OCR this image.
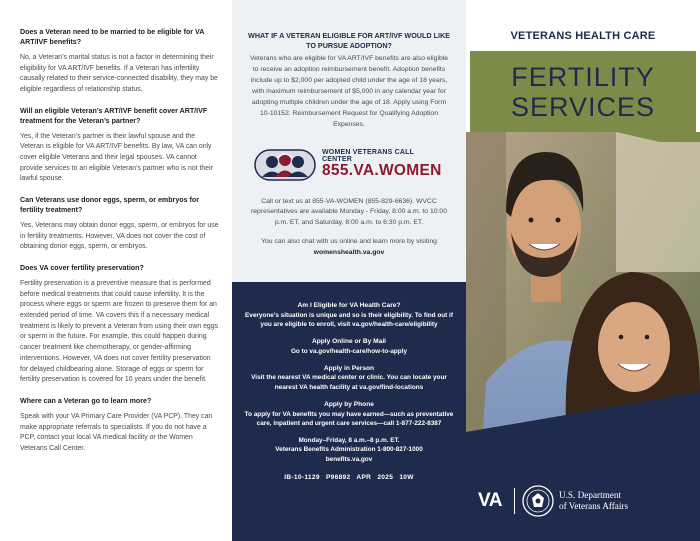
Does a Veteran need to be married to be eligible for VA ART/IVF benefits?

No, a Veteran’s marital status is not a factor in determining their eligibility for VA ART/IVF benefits. If a Veteran has infertility causally related to their service-connected disability, they may be eligible regardless of relationship status.

Will an eligible Veteran’s ART/IVF benefit cover ART/IVF treatment for the Veteran’s partner?

Yes, if the Veteran’s partner is their lawful spouse and the Veteran is eligible for VA ART/IVF benefits. By law, VA can only cover eligible Veterans and their legal spouses. VA cannot provide services to an eligible Veteran’s partner who is not their lawful spouse.

Can Veterans use donor eggs, sperm, or embryos for fertility treatment?

Yes, Veterans may obtain donor eggs, sperm, or embryos for use in fertility treatments. However, VA does not cover the cost of obtaining donor eggs, sperm, or embryos.

Does VA cover fertility preservation?

Fertility preservation is a preventive measure that is performed before medical treatments that could cause infertility. It is the process where eggs or sperm are frozen to preserve them for an extended period of time. VA covers this if a necessary medical treatment is likely to prevent a Veteran from using their own eggs or sperm in the future. For example, this could happen during cancer treatment like chemotherapy, or gender-affirming interventions. However, VA does not cover fertility preservation for delayed childbearing alone. Storage of eggs or sperm for fertility preservation is covered for 10 years under the benefit.

Where can a Veteran go to learn more?

Speak with your VA Primary Care Provider (VA PCP). They can make appropriate referrals to specialists. If you do not have a PCP, contact your local VA medical facility or the Women Veterans Call Center.

WHAT IF A VETERAN ELIGIBLE FOR ART/IVF WOULD LIKE TO PURSUE ADOPTION?

Veterans who are eligible for VA ART/IVF benefits are also eligible to receive an adoption reimbursement benefit. Adoption benefits include up to $2,000 per adopted child under the age of 18 years, with maximum reimbursement of $5,000 in any calendar year for adopting multiple children under the age of 18. Apply using Form 10-10152: Reimbursement Request for Qualifying Adoption Expenses.

WOMEN VETERANS CALL CENTER
855.VA.WOMEN

Call or text us at 855-VA-WOMEN (855-829-6636). WVCC representatives are available Monday - Friday, 8:00 a.m. to 10:00 p.m. ET, and Saturday, 8:00 a.m. to 6:30 p.m. ET.

You can also chat with us online and learn more by visiting womenshealth.va.gov

Am I Eligible for VA Health Care?

Everyone’s situation is unique and so is their eligibility. To find out if you are eligible to enroll, visit va.gov/health-care/eligibility

Apply Online or By Mail

Go to va.gov/health-care/how-to-apply

Apply in Person

Visit the nearest VA medical center or clinic. You can locate your nearest VA health facility at va.gov/find-locations

Apply by Phone

To apply for VA benefits you may have earned—such as preventative care, inpatient and urgent care services—call 1-877-222-8387

Monday–Friday, 8 a.m.–8 p.m. ET.

Veterans Benefits Administration 1-800-827-1000

benefits.va.gov

IB-10-1129 P96892 APR 2025 10W
VETERANS HEALTH CARE
FERTILITY
SERVICES
VA	U.S. Department
of Veterans Affairs
